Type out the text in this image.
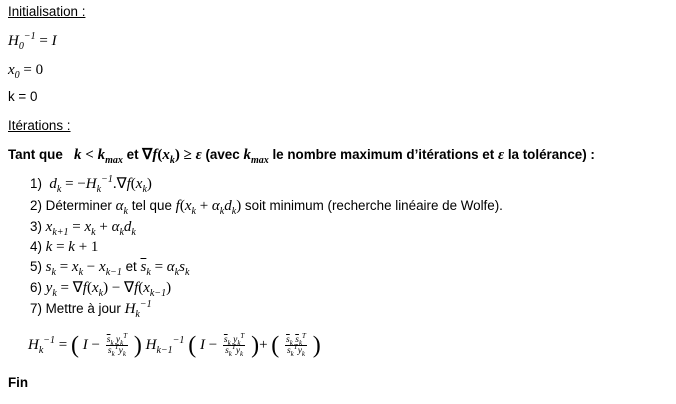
Initialisation :
$H_0^{-1} = I$
$x_0 = 0$
k = 0
Itérations :
Tant que   $k < k_{max}$ et $\nabla f(x_k) \ge \varepsilon$ (avec $k_{max}$ le nombre maximum d’itérations et ε la tolérance) :
1)  $d_k = -H_k^{-1}.\nabla f(x_k)$
2) Déterminer $\alpha_k$ tel que $f(x_k + \alpha_kd_k)$ soit minimum (recherche linéaire de Wolfe).
3) $x_{k+1} = x_k + \alpha_kd_k$
4) k = k + 1
5) $s_k = x_k - x_{k-1}$ et $\overline{s}_k = \alpha_ks_k$
6) $y_k = \nabla f(x_k) - \nabla f(x_{k-1})$
7) Mettre à jour $H_k^{-1}$
$H_k^{-1}$ = ( $I - \frac{\overline{s}_k y_k^T}{\overline{s}_k^Ty_k}$ ) $H_{k-1}^{-1}$ ( $I - \frac{\overline{s}_k y_k^T}{\overline{s}_k^Ty_k}$ )+ ( $\frac{\overline{s}_k \overline{s}_k^T}{\overline{s}_k^Ty_k}$ )
Fin
